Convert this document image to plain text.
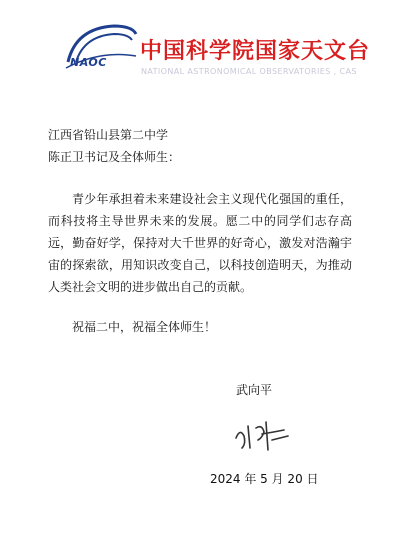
NAOC 中国科学院国家天文台
NATIONAL ASTRONOMICAL OBSERVATORIES , CAS
江西省铅山县第二中学
陈正卫书记及全体师生：

青少年承担着未来建设社会主义现代化强国的重任，而科技将主导世界未来的发展。愿二中的同学们志存高远，勤奋好学，保持对大千世界的好奇心，激发对浩瀚宇宙的探索欲，用知识改变自己，以科技创造明天，为推动人类社会文明的进步做出自己的贡献。

祝福二中，祝福全体师生！
武向平
2024 年 5 月 20 日
